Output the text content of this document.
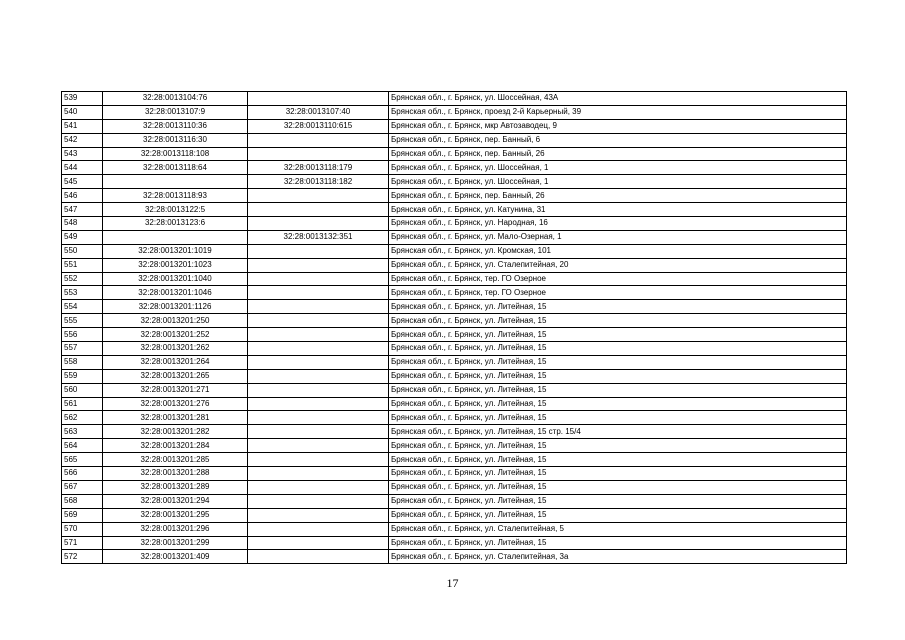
539	32:28:0013104:76		Брянская обл., г. Брянск, ул. Шоссейная, 43А
540	32:28:0013107:9	32:28:0013107:40	Брянская обл., г. Брянск, проезд 2-й Карьерный, 39
541	32:28:0013110:36	32:28:0013110:615	Брянская обл., г. Брянск, мкр Автозаводец, 9
542	32:28:0013116:30		Брянская обл., г. Брянск, пер. Банный, 6
543	32:28:0013118:108		Брянская обл., г. Брянск, пер. Банный, 26
544	32:28:0013118:64	32:28:0013118:179	Брянская обл., г. Брянск, ул. Шоссейная, 1
545		32:28:0013118:182	Брянская обл., г. Брянск, ул. Шоссейная, 1
546	32:28:0013118:93		Брянская обл., г. Брянск, пер. Банный, 26
547	32:28:0013122:5		Брянская обл., г. Брянск, ул. Катунина, 31
548	32:28:0013123:6		Брянская обл., г. Брянск, ул. Народная, 16
549		32:28:0013132:351	Брянская обл., г. Брянск, ул. Мало-Озерная, 1
550	32:28:0013201:1019		Брянская обл., г. Брянск, ул. Кромская, 101
551	32:28:0013201:1023		Брянская обл., г. Брянск, ул. Сталепитейная, 20
552	32:28:0013201:1040		Брянская обл., г. Брянск, тер. ГО Озерное
553	32:28:0013201:1046		Брянская обл., г. Брянск, тер. ГО Озерное
554	32:28:0013201:1126		Брянская обл., г. Брянск, ул. Литейная, 15
555	32:28:0013201:250		Брянская обл., г. Брянск, ул. Литейная, 15
556	32:28:0013201:252		Брянская обл., г. Брянск, ул. Литейная, 15
557	32:28:0013201:262		Брянская обл., г. Брянск, ул. Литейная, 15
558	32:28:0013201:264		Брянская обл., г. Брянск, ул. Литейная, 15
559	32:28:0013201:265		Брянская обл., г. Брянск, ул. Литейная, 15
560	32:28:0013201:271		Брянская обл., г. Брянск, ул. Литейная, 15
561	32:28:0013201:276		Брянская обл., г. Брянск, ул. Литейная, 15
562	32:28:0013201:281		Брянская обл., г. Брянск, ул. Литейная, 15
563	32:28:0013201:282		Брянская обл., г. Брянск, ул. Литейная, 15 стр. 15/4
564	32:28:0013201:284		Брянская обл., г. Брянск, ул. Литейная, 15
565	32:28:0013201:285		Брянская обл., г. Брянск, ул. Литейная, 15
566	32:28:0013201:288		Брянская обл., г. Брянск, ул. Литейная, 15
567	32:28:0013201:289		Брянская обл., г. Брянск, ул. Литейная, 15
568	32:28:0013201:294		Брянская обл., г. Брянск, ул. Литейная, 15
569	32:28:0013201:295		Брянская обл., г. Брянск, ул. Литейная, 15
570	32:28:0013201:296		Брянская обл., г. Брянск, ул. Сталепитейная, 5
571	32:28:0013201:299		Брянская обл., г. Брянск, ул. Литейная, 15
572	32:28:0013201:409		Брянская обл., г. Брянск, ул. Сталепитейная, 3а
17
